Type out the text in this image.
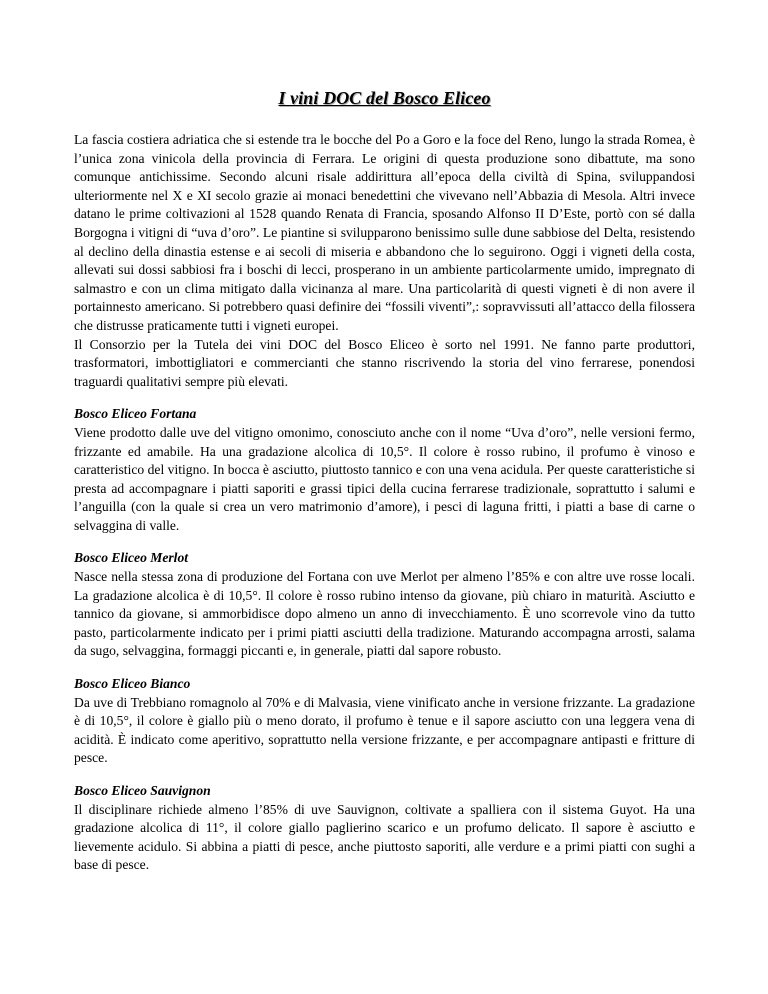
I vini DOC del Bosco Eliceo

La fascia costiera adriatica che si estende tra le bocche del Po a Goro e la foce del Reno, lungo la strada Romea, è l’unica zona vinicola della provincia di Ferrara. Le origini di questa produzione sono dibattute, ma sono comunque antichissime. Secondo alcuni risale addirittura all’epoca della civiltà di Spina, sviluppandosi ulteriormente nel X e XI secolo grazie ai monaci benedettini che vivevano nell’Abbazia di Mesola. Altri invece datano le prime coltivazioni al 1528 quando Renata di Francia, sposando Alfonso II D’Este, portò con sé dalla Borgogna i vitigni di “uva d’oro”. Le piantine si svilupparono benissimo sulle dune sabbiose del Delta, resistendo al declino della dinastia estense e ai secoli di miseria e abbandono che lo seguirono. Oggi i vigneti della costa, allevati sui dossi sabbiosi fra i boschi di lecci, prosperano in un ambiente particolarmente umido, impregnato di salmastro e con un clima mitigato dalla vicinanza al mare. Una particolarità di questi vigneti è di non avere il portainnesto americano. Si potrebbero quasi definire dei “fossili viventi”,: sopravvissuti all’attacco della filossera che distrusse praticamente tutti i vigneti europei.

Il Consorzio per la Tutela dei vini DOC del Bosco Eliceo è sorto nel 1991. Ne fanno parte produttori, trasformatori, imbottigliatori e commercianti che stanno riscrivendo la storia del vino ferrarese, ponendosi traguardi qualitativi sempre più elevati.

Bosco Eliceo Fortana

Viene prodotto dalle uve del vitigno omonimo, conosciuto anche con il nome “Uva d’oro”, nelle versioni fermo, frizzante ed amabile. Ha una gradazione alcolica di 10,5°. Il colore è rosso rubino, il profumo è vinoso e caratteristico del vitigno. In bocca è asciutto, piuttosto tannico e con una vena acidula. Per queste caratteristiche si presta ad accompagnare i piatti saporiti e grassi tipici della cucina ferrarese tradizionale, soprattutto i salumi e l’anguilla (con la quale si crea un vero matrimonio d’amore), i pesci di laguna fritti, i piatti a base di carne o selvaggina di valle.

Bosco Eliceo Merlot

Nasce nella stessa zona di produzione del Fortana con uve Merlot per almeno l’85% e con altre uve rosse locali. La gradazione alcolica è di 10,5°. Il colore è rosso rubino intenso da giovane, più chiaro in maturità. Asciutto e tannico da giovane, si ammorbidisce dopo almeno un anno di invecchiamento. È uno scorrevole vino da tutto pasto, particolarmente indicato per i primi piatti asciutti della tradizione. Maturando accompagna arrosti, salama da sugo, selvaggina, formaggi piccanti e, in generale, piatti dal sapore robusto.

Bosco Eliceo Bianco

Da uve di Trebbiano romagnolo al 70% e di Malvasia, viene vinificato anche in versione frizzante. La gradazione è di 10,5°, il colore è giallo più o meno dorato, il profumo è tenue e il sapore asciutto con una leggera vena di acidità. È indicato come aperitivo, soprattutto nella versione frizzante, e per accompagnare antipasti e fritture di pesce.

Bosco Eliceo Sauvignon

Il disciplinare richiede almeno l’85% di uve Sauvignon, coltivate a spalliera con il sistema Guyot. Ha una gradazione alcolica di 11°, il colore giallo paglierino scarico e un profumo delicato. Il sapore è asciutto e lievemente acidulo. Si abbina a piatti di pesce, anche piuttosto saporiti, alle verdure e a primi piatti con sughi a base di pesce.
